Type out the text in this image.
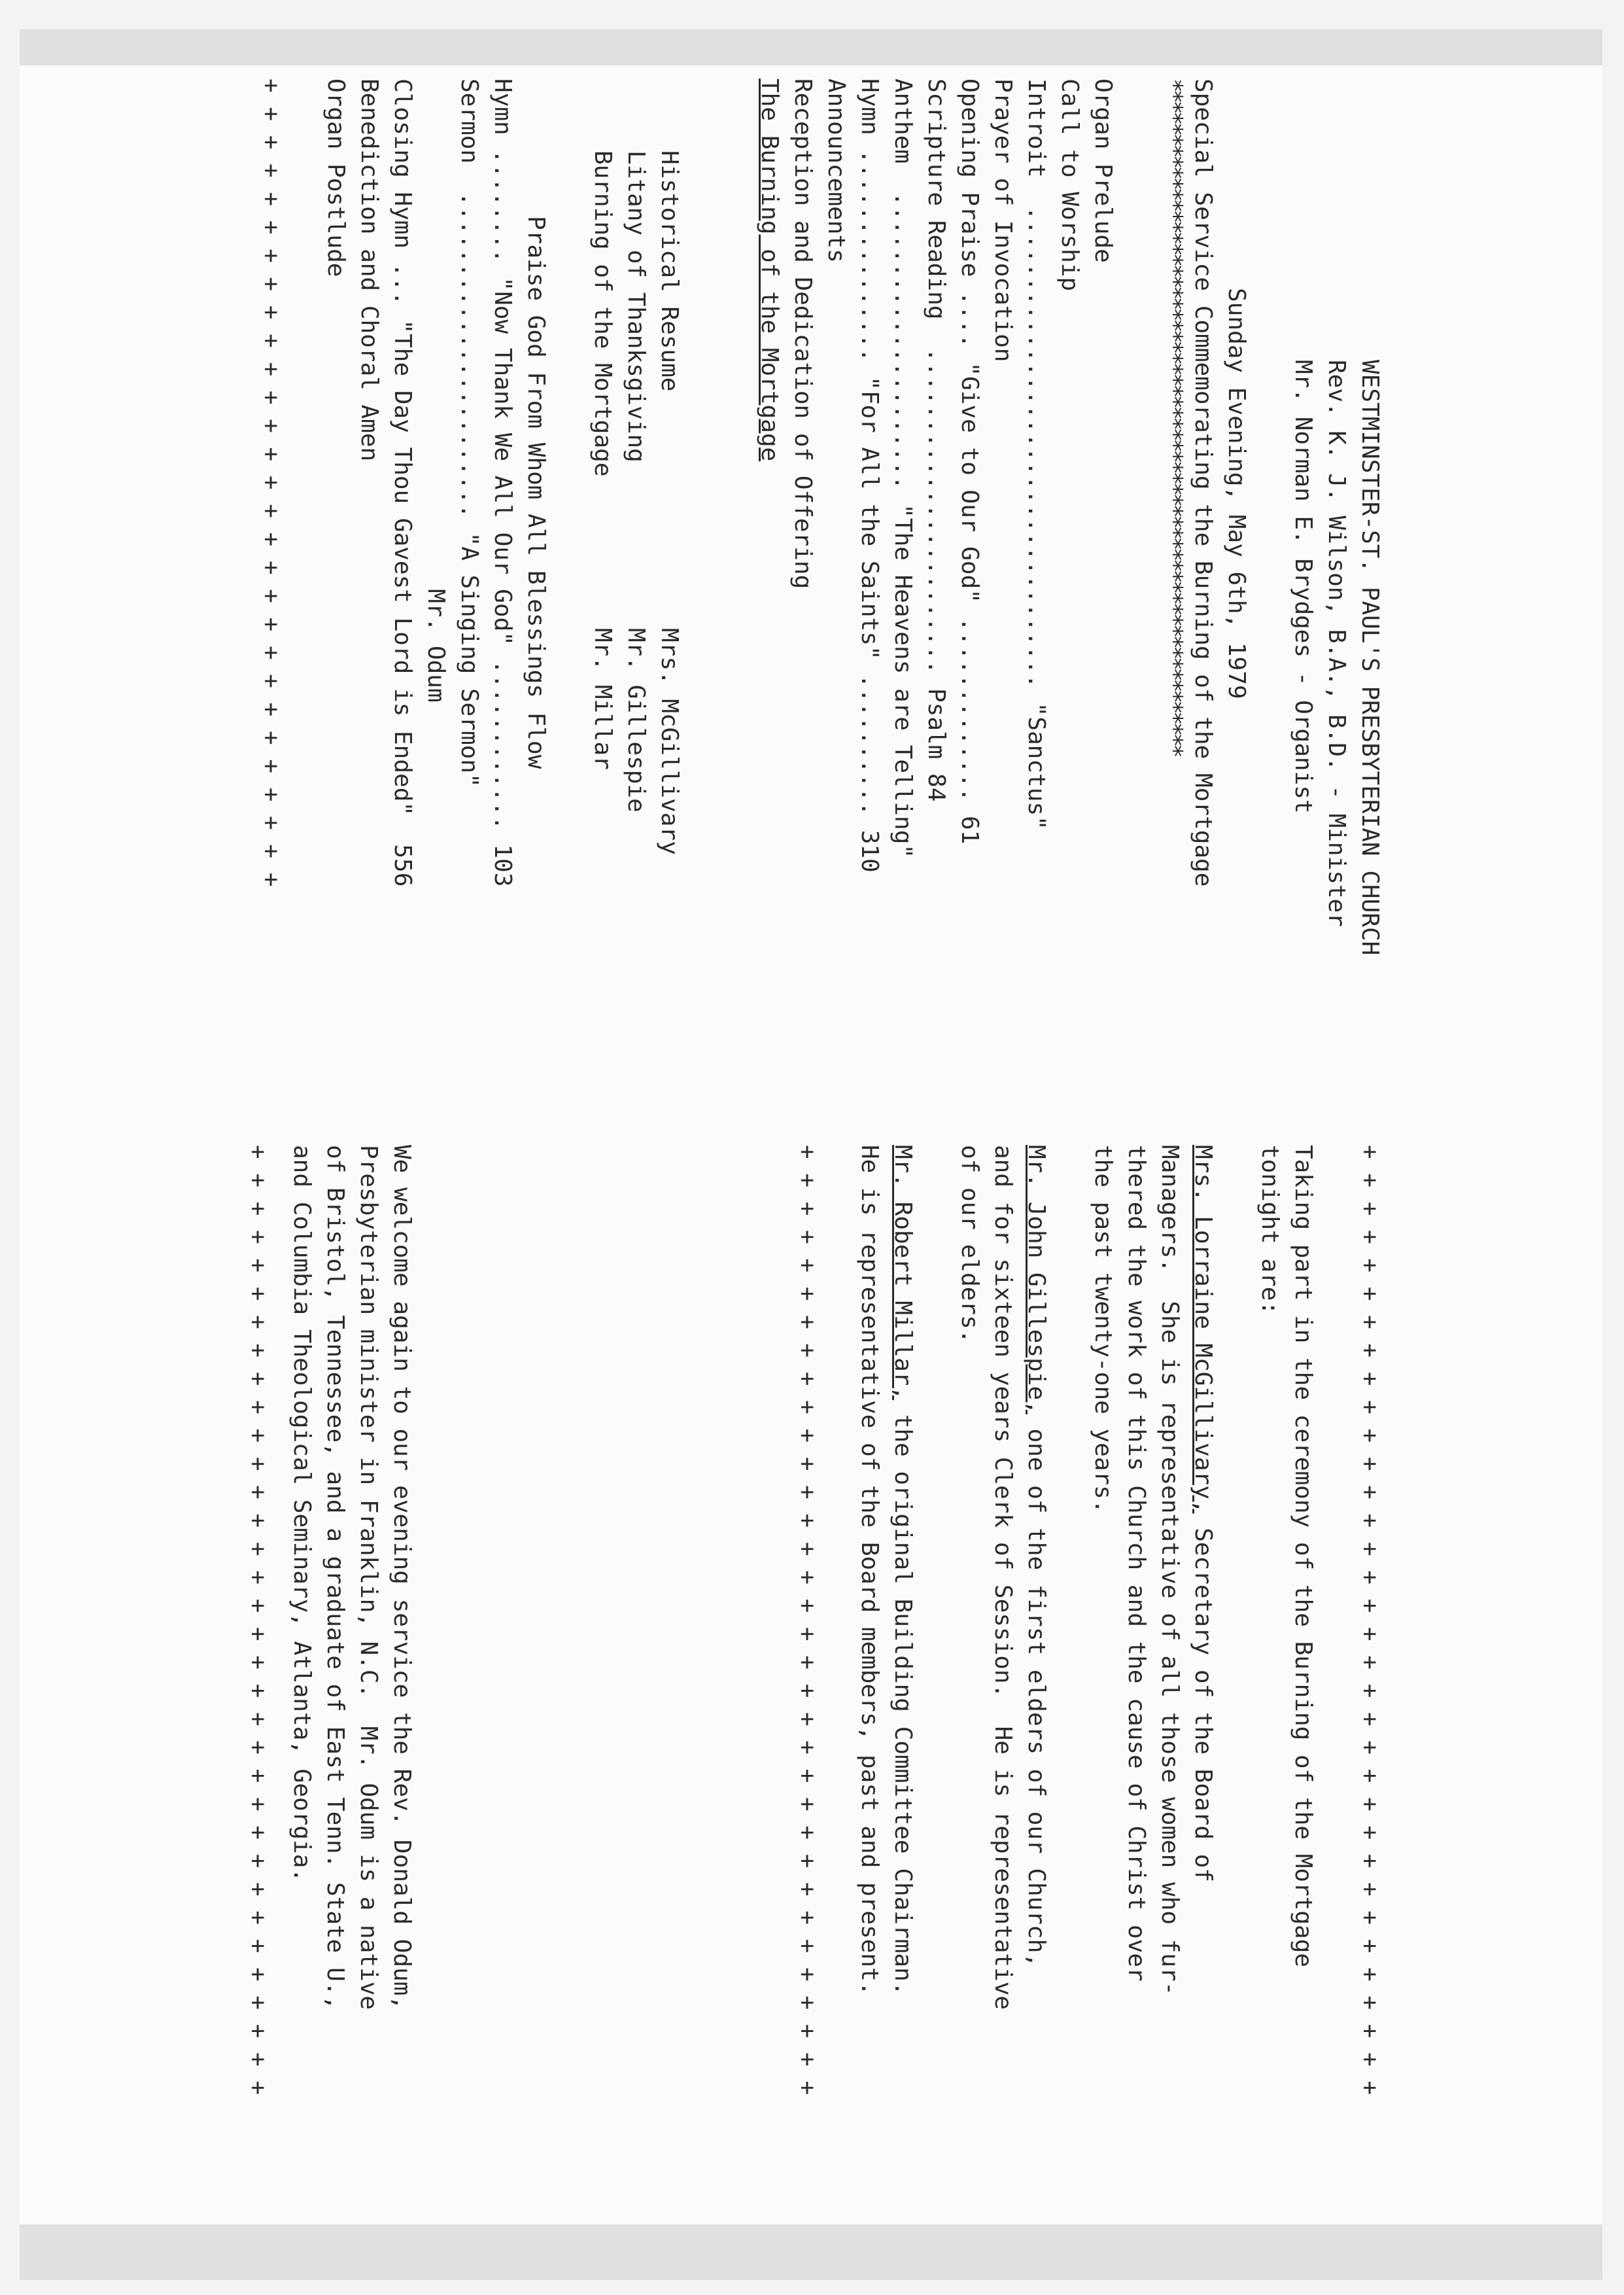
WESTMINSTER-ST. PAUL'S PRESBYTERIAN CHURCH

Rev. K. J. Wilson, B.A., B.D. - Minister

Mr. Norman E. Brydges - Organist

Sunday Evening, May 6th, 1979

Special Service Commemorating the Burning of the Mortgage

**************************************************************

Organ Prelude

Call to Worship

Introit  .................................. "Sanctus"

Prayer of Invocation

Opening Praise .... "Give to Our God" ............. 61

Scripture Reading  ....................... Psalm 84

Anthem  ..................... "The Heavens are Telling"

Hymn ............... "For All the Saints" .......... 310

Announcements

Reception and Dedication of Offering

The Burning of the Mortgage

Historical Resume

Mrs. McGillivary

Litany of Thanksgiving

Mr. Gillespie

Burning of the Mortgage

Mr. Millar

Praise God From Whom All Blessings Flow

Hymn ........ "Now Thank We All Our God" ............ 103

Sermon  ....................... "A Singing Sermon"

Mr. Odum

Closing Hymn ... "The Day Thou Gavest Lord is Ended"  556

Benediction and Choral Amen

Organ Postlude

+ + + + + + + + + + + + + + + + + + + + + + + + + + + + +

+ + + + + + + + + + + + + + + + + + + + + + + + + + + + + + + + + +

Taking part in the ceremony of the Burning of the Mortgage

tonight are:

Mrs. Lorraine McGillivary, Secretary of the Board of

Managers.  She is representative of all those women who fur-

thered the work of this Church and the cause of Christ over

the past twenty-one years.

Mr. John Gillespie, one of the first elders of our Church,

and for sixteen years Clerk of Session.  He is representative

of our elders.

Mr. Robert Millar, the original Building Committee Chairman.

He is representative of the Board members, past and present.

+ + + + + + + + + + + + + + + + + + + + + + + + + + + + + + + + + +

We welcome again to our evening service the Rev. Donald Odum,

Presbyterian minister in Franklin, N.C.  Mr. Odum is a native

of Bristol, Tennessee, and a graduate of East Tenn. State U.,

and Columbia Theological Seminary, Atlanta, Georgia.

+ + + + + + + + + + + + + + + + + + + + + + + + + + + + + + + + + +
